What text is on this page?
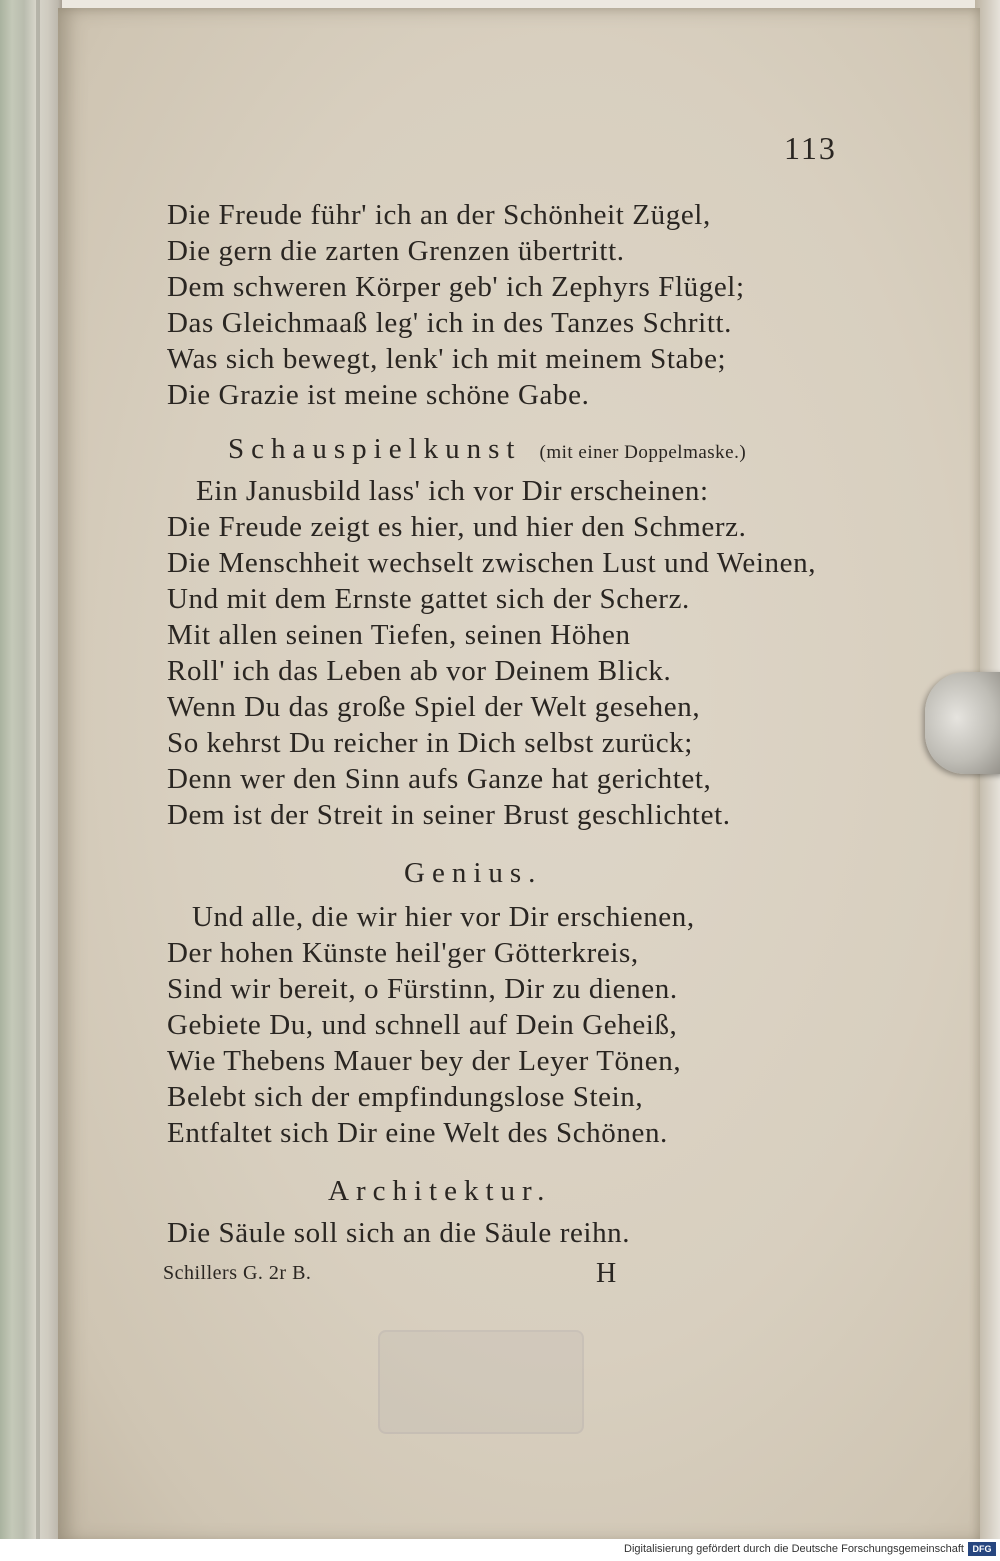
113
Die Freude führ' ich an der Schönheit Zügel,
Die gern die zarten Grenzen übertritt.
Dem schweren Körper geb' ich Zephyrs Flügel;
Das Gleichmaaß leg' ich in des Tanzes Schritt.
Was sich bewegt, lenk' ich mit meinem Stabe;
Die Grazie ist meine schöne Gabe.
Schauspielkunst (mit einer Doppelmaske.)
Ein Janusbild lass' ich vor Dir erscheinen:
Die Freude zeigt es hier, und hier den Schmerz.
Die Menschheit wechselt zwischen Lust und Weinen,
Und mit dem Ernste gattet sich der Scherz.
Mit allen seinen Tiefen, seinen Höhen
Roll' ich das Leben ab vor Deinem Blick.
Wenn Du das große Spiel der Welt gesehen,
So kehrst Du reicher in Dich selbst zurück;
Denn wer den Sinn aufs Ganze hat gerichtet,
Dem ist der Streit in seiner Brust geschlichtet.
Genius.
Und alle, die wir hier vor Dir erschienen,
Der hohen Künste heil'ger Götterkreis,
Sind wir bereit, o Fürstinn, Dir zu dienen.
Gebiete Du, und schnell auf Dein Geheiß,
Wie Thebens Mauer bey der Leyer Tönen,
Belebt sich der empfindungslose Stein,
Entfaltet sich Dir eine Welt des Schönen.
Architektur.
Die Säule soll sich an die Säule reihn.
Schillers G. 2r B.	H
Digitalisierung gefördert durch die Deutsche Forschungsgemeinschaft DFG
